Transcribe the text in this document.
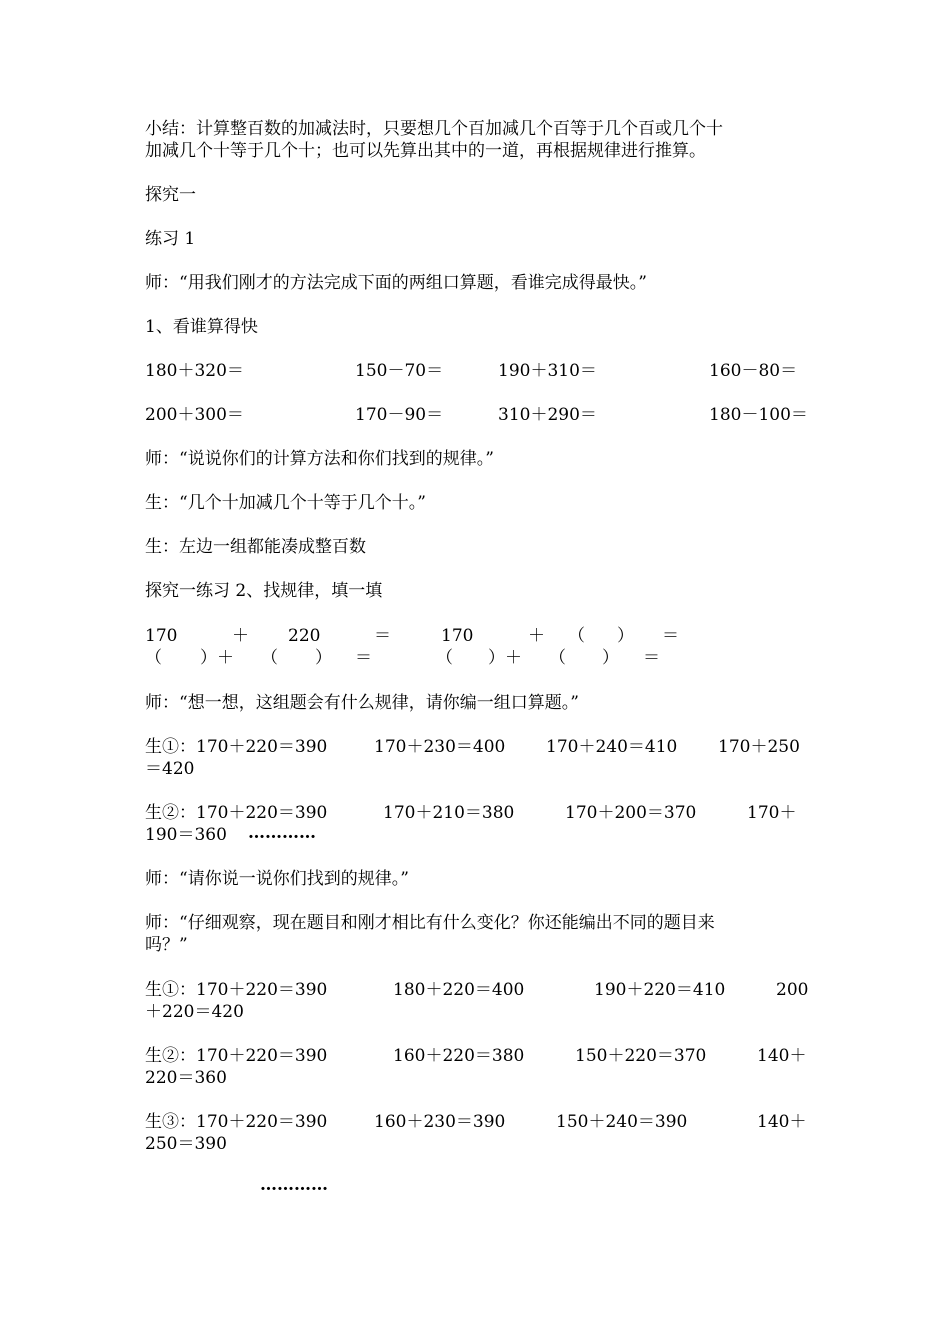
小结：计算整百数的加减法时，只要想几个百加减几个百等于几个百或几个十
加减几个十等于几个十；也可以先算出其中的一道，再根据规律进行推算。
探究一
练习 1
师：“用我们刚才的方法完成下面的两组口算题，看谁完成得最快。”
1、看谁算得快
180＋320＝	150－70＝	190＋310＝	160－80＝
200＋300＝	170－90＝	310＋290＝	180－100＝
师：“说说你们的计算方法和你们找到的规律。”
生：“几个十加减几个十等于几个十。”
生：左边一组都能凑成整百数
探究一练习 2、找规律，填一填
170	＋ 220	＝	170	＋ （ ） ＝
（ ）＋ （ ） ＝	（ ）＋ （ ） ＝
师：“想一想，这组题会有什么规律，请你编一组口算题。”
生①：170＋220＝390	170＋230＝400 170＋240＝410 170＋250
＝420
生②：170＋220＝390	170＋210＝380	170＋200＝370	170＋
190＝360 …………
师：“请你说一说你们找到的规律。”
师：“仔细观察，现在题目和刚才相比有什么变化？你还能编出不同的题目来
吗？”
生①：170＋220＝390	180＋220＝400	190＋220＝410	200
＋220＝420
生②：170＋220＝390	160＋220＝380	150＋220＝370	140＋
220＝360
生③：170＋220＝390	160＋230＝390	150＋240＝390	140＋
250＝390
…………
